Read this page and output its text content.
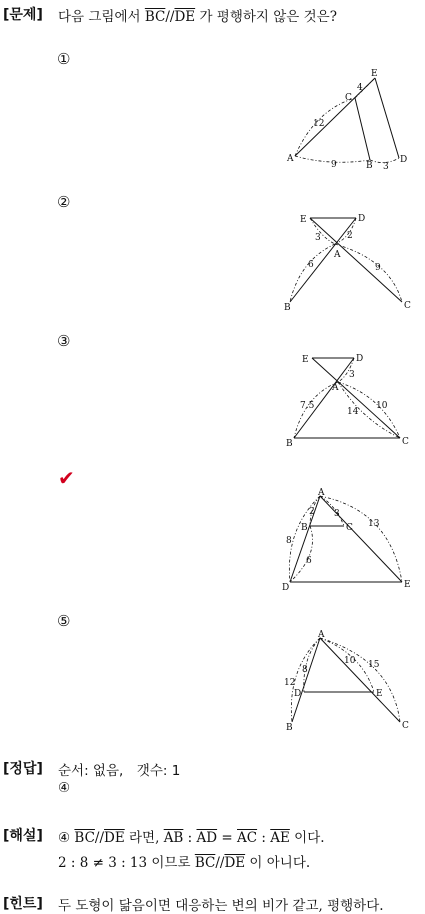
[문제] 다음 그림에서 $\overline{BC}//\overline{DE}$ 가 평행하지 않은 것은?
①
A
B
C
D
E
12
4
9	3
②
E	D
A
B	C
3	2
6	9
③
E	D
A
B	C
3
7.5
14
10
✔
A
B	C
D	E
2 3
13
8
6
⑤
A
D	E
B	C
8
12
10 15
[정답] 순서: 없음,　갯수: 1
④
[해설] ④ $\overline{BC}//\overline{DE}$ 라면, $\overline{AB}$ : $\overline{AD} = \overline{AC}$ : $\overline{AE}$ 이다.
2 : 8 ≠ 3 : 13 이므로 $\overline{BC}//\overline{DE}$ 이 아니다.
[힌트] 두 도형이 닮음이면 대응하는 변의 비가 같고, 평행하다.
